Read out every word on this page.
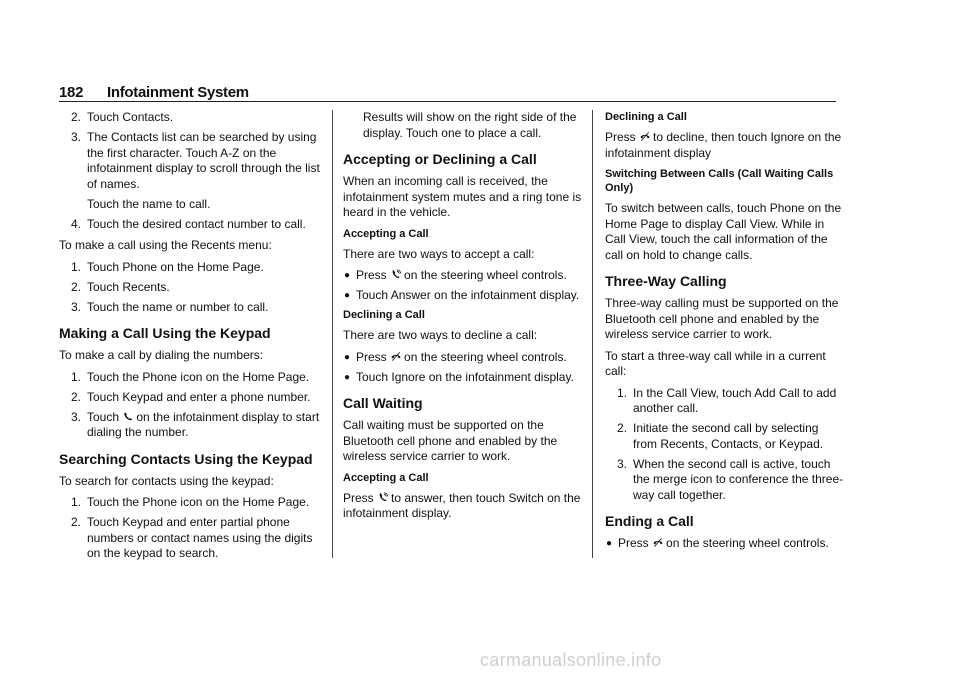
182 Infotainment System
2. Touch Contacts.
3. The Contacts list can be searched by using the first character. Touch A-Z on the infotainment display to scroll through the list of names.
Touch the name to call.
4. Touch the desired contact number to call.

To make a call using the Recents menu:

1. Touch Phone on the Home Page.
2. Touch Recents.
3. Touch the name or number to call.
Making a Call Using the Keypad

To make a call by dialing the numbers:

1. Touch the Phone icon on the Home Page.
2. Touch Keypad and enter a phone number.
3. Touch on the infotainment display to start dialing the number.
Searching Contacts Using the Keypad

To search for contacts using the keypad:

1. Touch the Phone icon on the Home Page.
2. Touch Keypad and enter partial phone numbers or contact names using the digits on the keypad to search.
Results will show on the right side of the display. Touch one to place a call.
Accepting or Declining a Call

When an incoming call is received, the infotainment system mutes and a ring tone is heard in the vehicle.

Accepting a Call

There are two ways to accept a call:

● Press on the steering wheel controls.
● Touch Answer on the infotainment display.
Declining a Call

There are two ways to decline a call:

● Press on the steering wheel controls.
● Touch Ignore on the infotainment display.
Call Waiting

Call waiting must be supported on the Bluetooth cell phone and enabled by the wireless service carrier to work.

Accepting a Call

Press to answer, then touch Switch on the infotainment display.

Declining a Call

Press to decline, then touch Ignore on the infotainment display

Switching Between Calls (Call Waiting Calls Only)

To switch between calls, touch Phone on the Home Page to display Call View. While in Call View, touch the call information of the call on hold to change calls.

Three-Way Calling

Three-way calling must be supported on the Bluetooth cell phone and enabled by the wireless service carrier to work.

To start a three-way call while in a current call:

1. In the Call View, touch Add Call to add another call.
2. Initiate the second call by selecting from Recents, Contacts, or Keypad.
3. When the second call is active, touch the merge icon to conference the three-way call together.
Ending a Call
● Press on the steering wheel controls.
carmanualsonline.info
